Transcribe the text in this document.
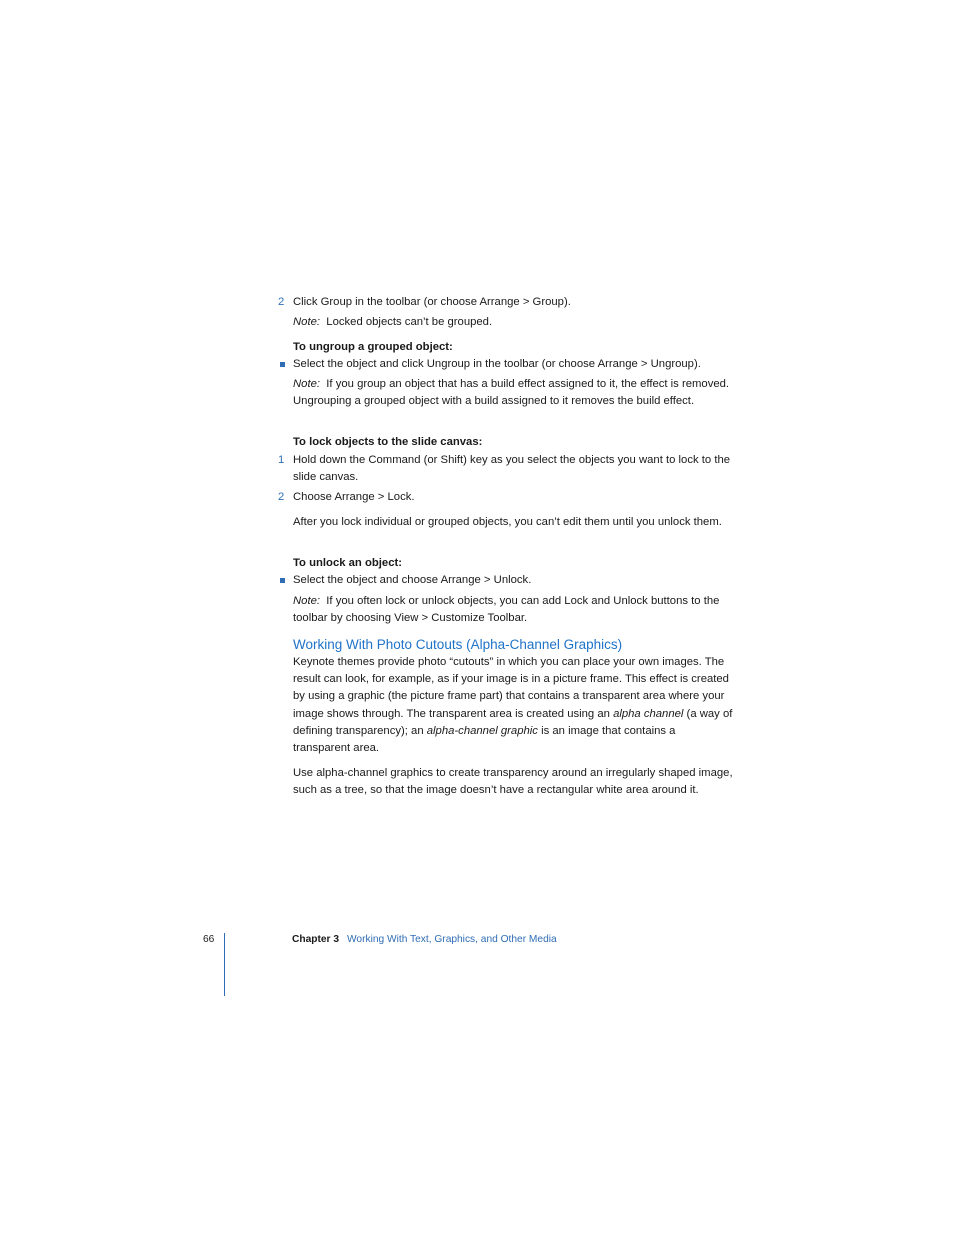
2 Click Group in the toolbar (or choose Arrange > Group).
Note: Locked objects can’t be grouped.
To ungroup a grouped object:
Select the object and click Ungroup in the toolbar (or choose Arrange > Ungroup).
Note: If you group an object that has a build effect assigned to it, the effect is removed. Ungrouping a grouped object with a build assigned to it removes the build effect.
To lock objects to the slide canvas:
1 Hold down the Command (or Shift) key as you select the objects you want to lock to the slide canvas.
2 Choose Arrange > Lock.
After you lock individual or grouped objects, you can’t edit them until you unlock them.
To unlock an object:
Select the object and choose Arrange > Unlock.
Note: If you often lock or unlock objects, you can add Lock and Unlock buttons to the toolbar by choosing View > Customize Toolbar.
Working With Photo Cutouts (Alpha-Channel Graphics)
Keynote themes provide photo “cutouts” in which you can place your own images. The result can look, for example, as if your image is in a picture frame. This effect is created by using a graphic (the picture frame part) that contains a transparent area where your image shows through. The transparent area is created using an alpha channel (a way of defining transparency); an alpha-channel graphic is an image that contains a transparent area.
Use alpha-channel graphics to create transparency around an irregularly shaped image, such as a tree, so that the image doesn’t have a rectangular white area around it.
66	Chapter 3 Working With Text, Graphics, and Other Media
